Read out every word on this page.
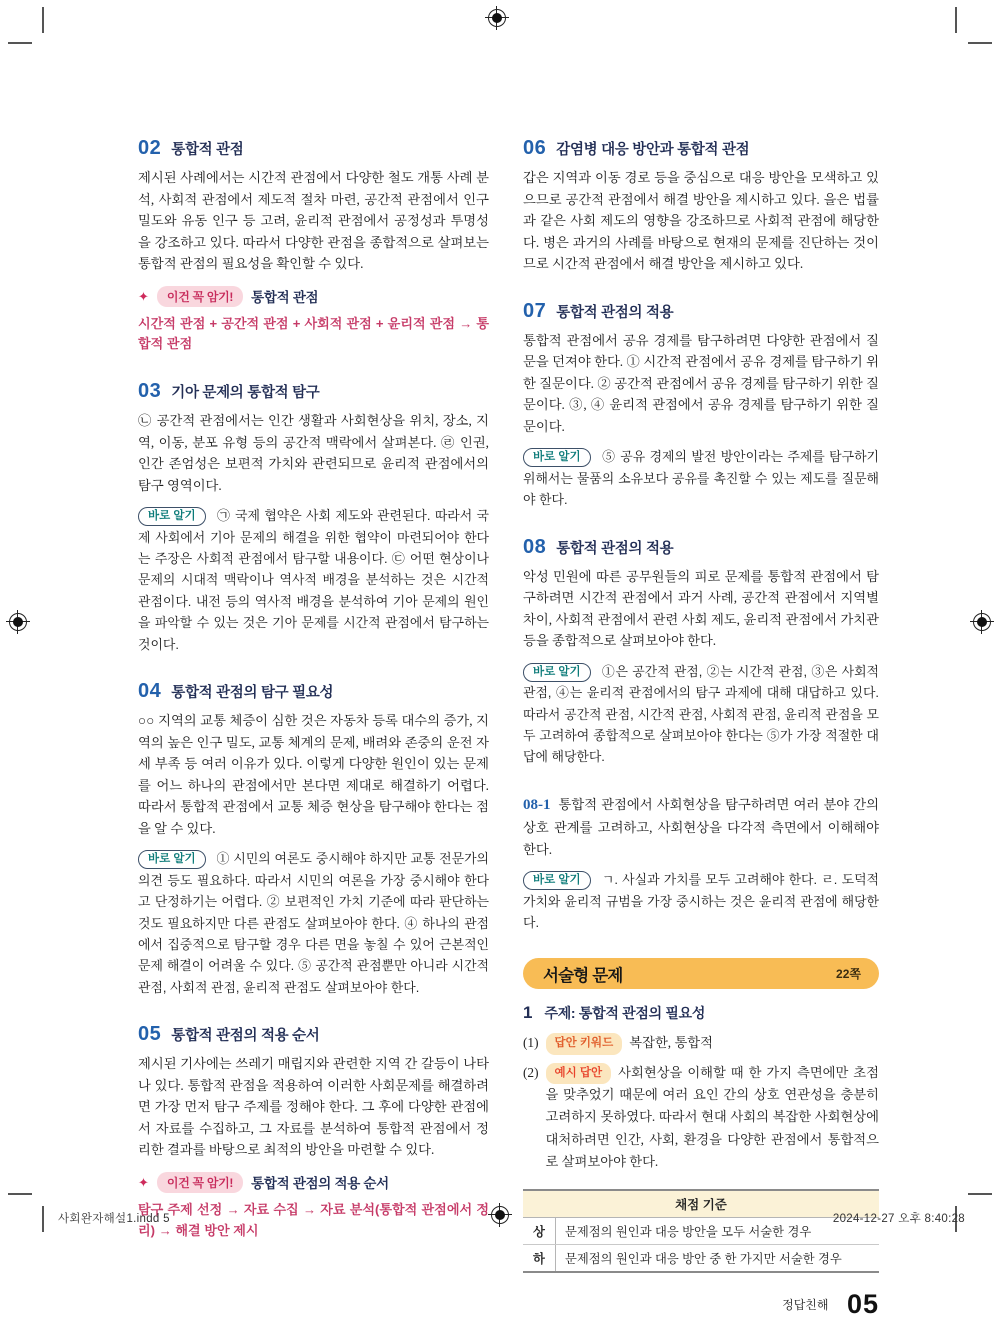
02 통합적 관점

제시된 사례에서는 시간적 관점에서 다양한 철도 개통 사례 분석, 사회적 관점에서 제도적 절차 마련, 공간적 관점에서 인구 밀도와 유동 인구 등 고려, 윤리적 관점에서 공정성과 투명성을 강조하고 있다. 따라서 다양한 관점을 종합적으로 살펴보는 통합적 관점의 필요성을 확인할 수 있다.

✦	이건 꼭 암기!	통합적 관점

시간적 관점 + 공간적 관점 + 사회적 관점 + 윤리적 관점 → 통합적 관점

03 기아 문제의 통합적 탐구

㉡ 공간적 관점에서는 인간 생활과 사회현상을 위치, 장소, 지역, 이동, 분포 유형 등의 공간적 맥락에서 살펴본다. ㉣ 인권, 인간 존엄성은 보편적 가치와 관련되므로 윤리적 관점에서의 탐구 영역이다.

바로 알기 ㉠ 국제 협약은 사회 제도와 관련된다. 따라서 국제 사회에서 기아 문제의 해결을 위한 협약이 마련되어야 한다는 주장은 사회적 관점에서 탐구할 내용이다. ㉢ 어떤 현상이나 문제의 시대적 맥락이나 역사적 배경을 분석하는 것은 시간적 관점이다. 내전 등의 역사적 배경을 분석하여 기아 문제의 원인을 파악할 수 있는 것은 기아 문제를 시간적 관점에서 탐구하는 것이다.

04 통합적 관점의 탐구 필요성

○○ 지역의 교통 체증이 심한 것은 자동차 등록 대수의 증가, 지역의 높은 인구 밀도, 교통 체계의 문제, 배려와 존중의 운전 자세 부족 등 여러 이유가 있다. 이렇게 다양한 원인이 있는 문제를 어느 하나의 관점에서만 본다면 제대로 해결하기 어렵다. 따라서 통합적 관점에서 교통 체증 현상을 탐구해야 한다는 점을 알 수 있다.

바로 알기 ① 시민의 여론도 중시해야 하지만 교통 전문가의 의견 등도 필요하다. 따라서 시민의 여론을 가장 중시해야 한다고 단정하기는 어렵다. ② 보편적인 가치 기준에 따라 판단하는 것도 필요하지만 다른 관점도 살펴보아야 한다. ④ 하나의 관점에서 집중적으로 탐구할 경우 다른 면을 놓칠 수 있어 근본적인 문제 해결이 어려울 수 있다. ⑤ 공간적 관점뿐만 아니라 시간적 관점, 사회적 관점, 윤리적 관점도 살펴보아야 한다.

05 통합적 관점의 적용 순서

제시된 기사에는 쓰레기 매립지와 관련한 지역 간 갈등이 나타나 있다. 통합적 관점을 적용하여 이러한 사회문제를 해결하려면 가장 먼저 탐구 주제를 정해야 한다. 그 후에 다양한 관점에서 자료를 수집하고, 그 자료를 분석하여 통합적 관점에서 정리한 결과를 바탕으로 최적의 방안을 마련할 수 있다.

✦	이건 꼭 암기!	통합적 관점의 적용 순서

탐구 주제 선정 → 자료 수집 → 자료 분석(통합적 관점에서 정리) → 해결 방안 제시

06 감염병 대응 방안과 통합적 관점

갑은 지역과 이동 경로 등을 중심으로 대응 방안을 모색하고 있으므로 공간적 관점에서 해결 방안을 제시하고 있다. 을은 법률과 같은 사회 제도의 영향을 강조하므로 사회적 관점에 해당한다. 병은 과거의 사례를 바탕으로 현재의 문제를 진단하는 것이므로 시간적 관점에서 해결 방안을 제시하고 있다.

07 통합적 관점의 적용

통합적 관점에서 공유 경제를 탐구하려면 다양한 관점에서 질문을 던져야 한다. ① 시간적 관점에서 공유 경제를 탐구하기 위한 질문이다. ② 공간적 관점에서 공유 경제를 탐구하기 위한 질문이다. ③, ④ 윤리적 관점에서 공유 경제를 탐구하기 위한 질문이다.

바로 알기 ⑤ 공유 경제의 발전 방안이라는 주제를 탐구하기 위해서는 물품의 소유보다 공유를 촉진할 수 있는 제도를 질문해야 한다.

08 통합적 관점의 적용

악성 민원에 따른 공무원들의 피로 문제를 통합적 관점에서 탐구하려면 시간적 관점에서 과거 사례, 공간적 관점에서 지역별 차이, 사회적 관점에서 관련 사회 제도, 윤리적 관점에서 가치관 등을 종합적으로 살펴보아야 한다.

바로 알기 ①은 공간적 관점, ②는 시간적 관점, ③은 사회적 관점, ④는 윤리적 관점에서의 탐구 과제에 대해 대답하고 있다. 따라서 공간적 관점, 시간적 관점, 사회적 관점, 윤리적 관점을 모두 고려하여 종합적으로 살펴보아야 한다는 ⑤가 가장 적절한 대답에 해당한다.

08-1 통합적 관점에서 사회현상을 탐구하려면 여러 분야 간의 상호 관계를 고려하고, 사회현상을 다각적 측면에서 이해해야 한다.

바로 알기 ㄱ. 사실과 가치를 모두 고려해야 한다. ㄹ. 도덕적 가치와 윤리적 규범을 가장 중시하는 것은 윤리적 관점에 해당한다.

서술형 문제	22쪽
1 주제: 통합적 관점의 필요성
(1)	답안 키워드 복잡한, 통합적
(2)	예시 답안 사회현상을 이해할 때 한 가지 측면에만 초점을 맞추었기 때문에 여러 요인 간의 상호 연관성을 충분히 고려하지 못하였다. 따라서 현대 사회의 복잡한 사회현상에 대처하려면 인간, 사회, 환경을 다양한 관점에서 통합적으로 살펴보아야 한다.
채점 기준	
상	문제점의 원인과 대응 방안을 모두 서술한 경우
하	문제점의 원인과 대응 방안 중 한 가지만 서술한 경우
$^{정답친해}$ 05
사회완자해설1.indd 5	2024-12-27 오후 8:40:28
